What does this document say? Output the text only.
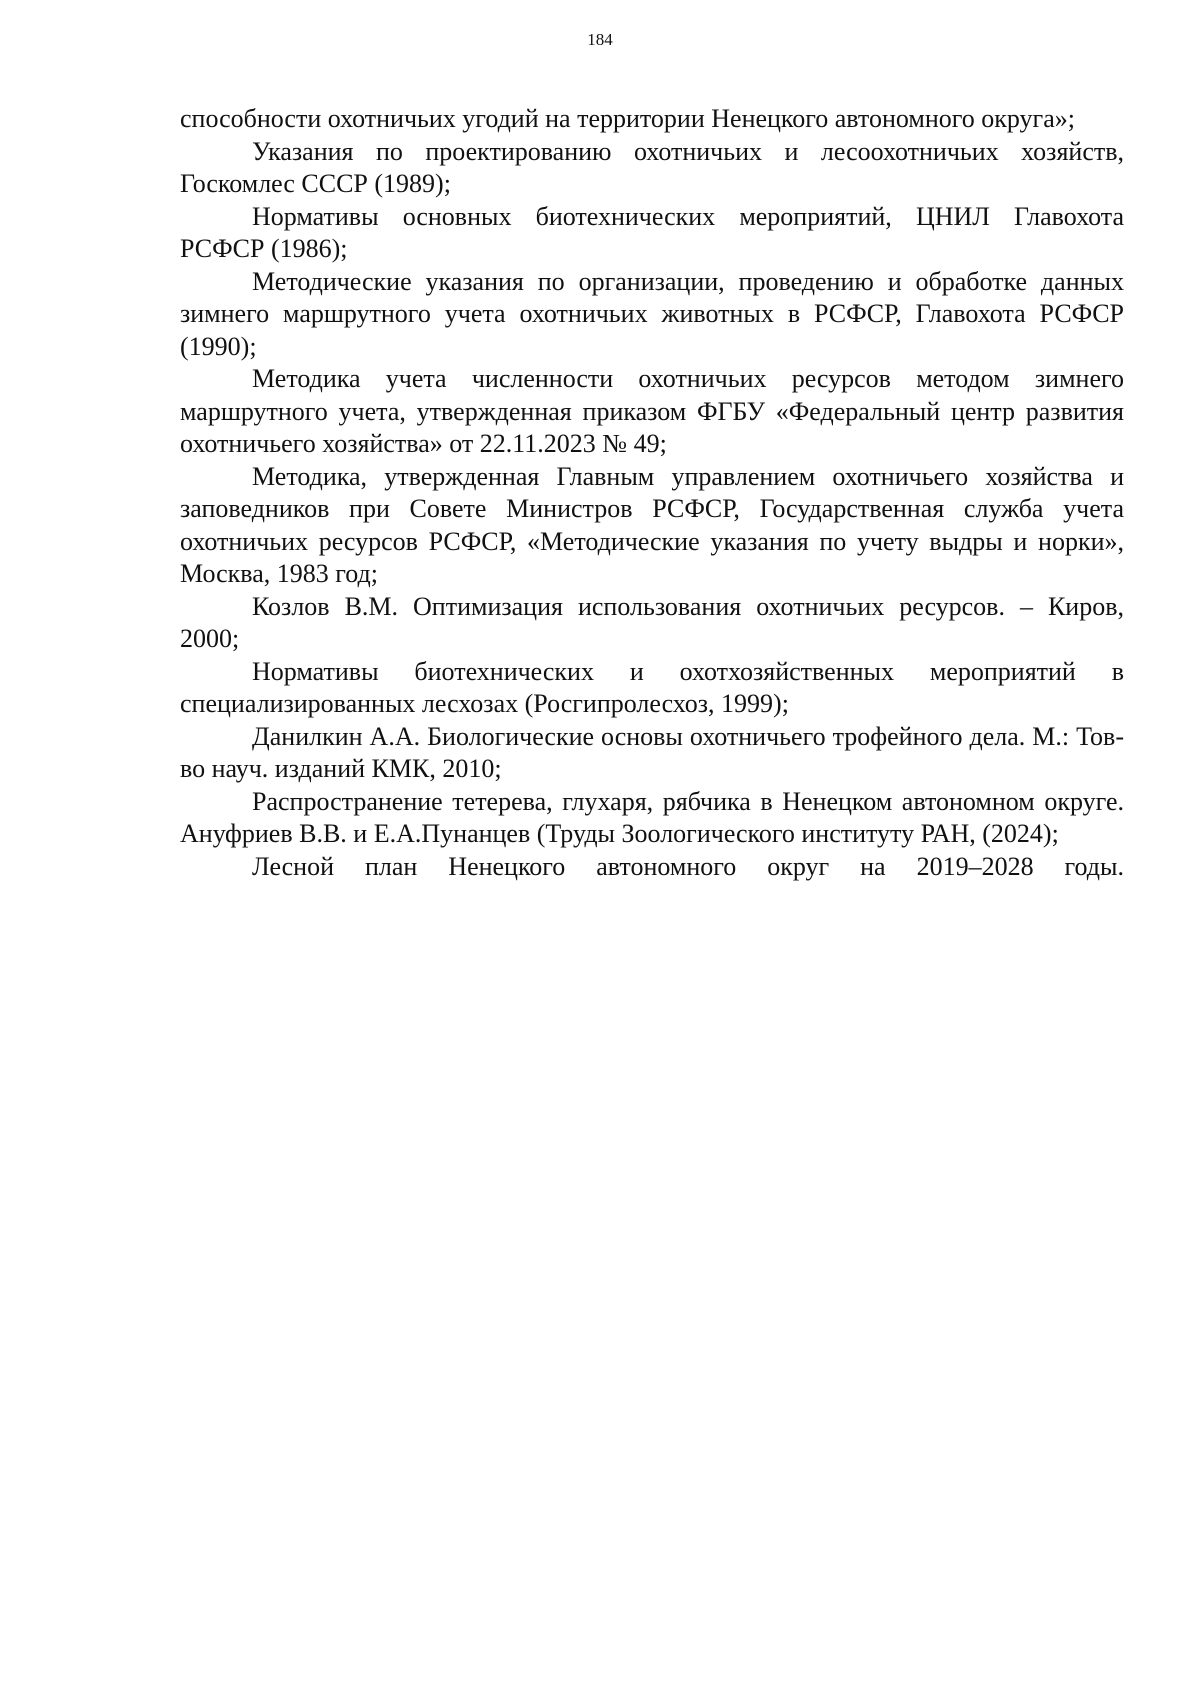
184

способности охотничьих угодий на территории Ненецкого автономного округа»;

Указания по проектированию охотничьих и лесоохотничьих хозяйств, Госкомлес СССР (1989);

Нормативы основных биотехнических мероприятий, ЦНИЛ Главохота РСФСР (1986);

Методические указания по организации, проведению и обработке данных зимнего маршрутного учета охотничьих животных в РСФСР, Главохота РСФСР (1990);

Методика учета численности охотничьих ресурсов методом зимнего маршрутного учета, утвержденная приказом ФГБУ «Федеральный центр развития охотничьего хозяйства» от 22.11.2023 № 49;

Методика, утвержденная Главным управлением охотничьего хозяйства и заповедников при Совете Министров РСФСР, Государственная служба учета охотничьих ресурсов РСФСР, «Методические указания по учету выдры и норки», Москва, 1983 год;

Козлов В.М. Оптимизация использования охотничьих ресурсов. – Киров, 2000;

Нормативы биотехнических и охотхозяйственных мероприятий в специализированных лесхозах (Росгипролесхоз, 1999);

Данилкин А.А. Биологические основы охотничьего трофейного дела. М.: Тов-во науч. изданий КМК, 2010;

Распространение тетерева, глухаря, рябчика в Ненецком автономном округе. Ануфриев В.В. и Е.А.Пунанцев (Труды Зоологического институту РАН, (2024);

Лесной план Ненецкого автономного округ на 2019–2028 годы.
